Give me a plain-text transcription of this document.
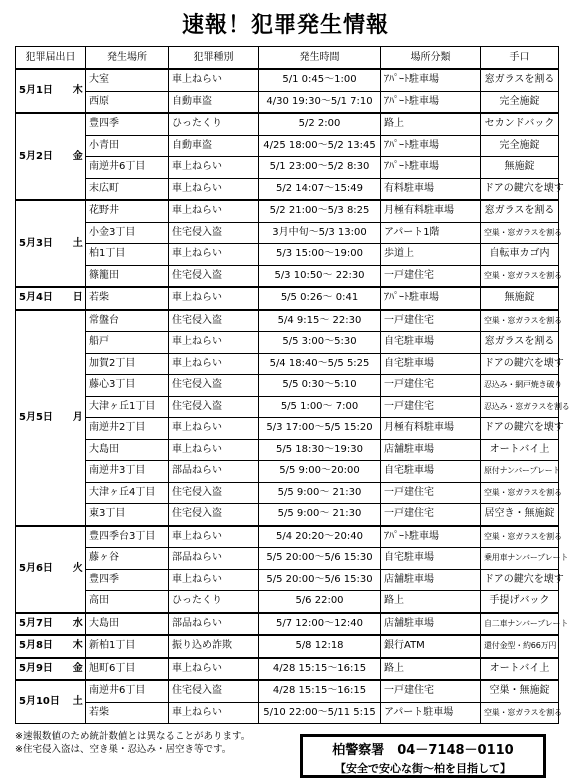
速報！犯罪発生情報
犯罪届出日		発生場所	犯罪種別	発生時間	場所分類	手口
5月1日	木	大室	車上ねらい	5/1 0:45～1:00	ｱﾊﾟｰﾄ駐車場	窓ガラスを割る
		西原	自動車盗	4/30 19:30～5/1 7:10	ｱﾊﾟｰﾄ駐車場	完全施錠
5月2日	金	豊四季	ひったくり	5/2 2:00	路上	セカンドバック
		小青田	自動車盗	4/25 18:00～5/2 13:45	ｱﾊﾟｰﾄ駐車場	完全施錠
		南逆井6丁目	車上ねらい	5/1 23:00～5/2 8:30	ｱﾊﾟｰﾄ駐車場	無施錠
		末広町	車上ねらい	5/2 14:07～15:49	有料駐車場	ドアの鍵穴を壊す
5月3日	土	花野井	車上ねらい	5/2 21:00～5/3 8:25	月極有料駐車場	窓ガラスを割る
		小金3丁目	住宅侵入盗	3月中旬～5/3 13:00	アパート1階	空巣・窓ガラスを割る
		柏1丁目	車上ねらい	5/3 15:00～19:00	歩道上	自転車カゴ内
		篠籠田	住宅侵入盗	5/3 10:50～ 22:30	一戸建住宅	空巣・窓ガラスを割る
5月4日	日	若柴	車上ねらい	5/5 0:26～ 0:41	ｱﾊﾟｰﾄ駐車場	無施錠
5月5日	月	常盤台	住宅侵入盗	5/4 9:15～ 22:30	一戸建住宅	空巣・窓ガラスを割る
		船戸	車上ねらい	5/5 3:00～5:30	自宅駐車場	窓ガラスを割る
		加賀2丁目	車上ねらい	5/4 18:40～5/5 5:25	自宅駐車場	ドアの鍵穴を壊す
		藤心3丁目	住宅侵入盗	5/5 0:30～5:10	一戸建住宅	忍込み・網戸焼き破り
		大津ヶ丘1丁目	住宅侵入盗	5/5 1:00～ 7:00	一戸建住宅	忍込み・窓ガラスを割る
		南逆井2丁目	車上ねらい	5/3 17:00～5/5 15:20	月極有料駐車場	ドアの鍵穴を壊す
		大島田	車上ねらい	5/5 18:30～19:30	店舗駐車場	オートバイ上
		南逆井3丁目	部品ねらい	5/5 9:00～20:00	自宅駐車場	原付ナンバープレート
		大津ヶ丘4丁目	住宅侵入盗	5/5 9:00～ 21:30	一戸建住宅	空巣・窓ガラスを割る
		東3丁目	住宅侵入盗	5/5 9:00～ 21:30	一戸建住宅	居空き・無施錠
5月6日	火	豊四季台3丁目	車上ねらい	5/4 20:20～20:40	ｱﾊﾟｰﾄ駐車場	空巣・窓ガラスを割る
		藤ヶ谷	部品ねらい	5/5 20:00～5/6 15:30	自宅駐車場	乗用車ナンバープレート
		豊四季	車上ねらい	5/5 20:00～5/6 15:30	店舗駐車場	ドアの鍵穴を壊す
		高田	ひったくり	5/6 22:00	路上	手提げバック
5月7日	水	大島田	部品ねらい	5/7 12:00～12:40	店舗駐車場	自二車ナンバープレート
5月8日	木	新柏1丁目	振り込め詐欺	5/8 12:18	銀行ATM	還付金型・約66万円
5月9日	金	旭町6丁目	車上ねらい	4/28 15:15～16:15	路上	オートバイ上
5月10日	土	南逆井6丁目	住宅侵入盗	4/28 15:15～16:15	一戸建住宅	空巣・無施錠
		若柴	車上ねらい	5/10 22:00～5/11 5:15	アパート駐車場	空巣・窓ガラスを割る
※速報数値のため統計数値とは異なることがあります。
※住宅侵入盗は、空き巣・忍込み・居空き等です。	柏警察署　04－7148－0110
【安全で安心な街～柏を目指して】
